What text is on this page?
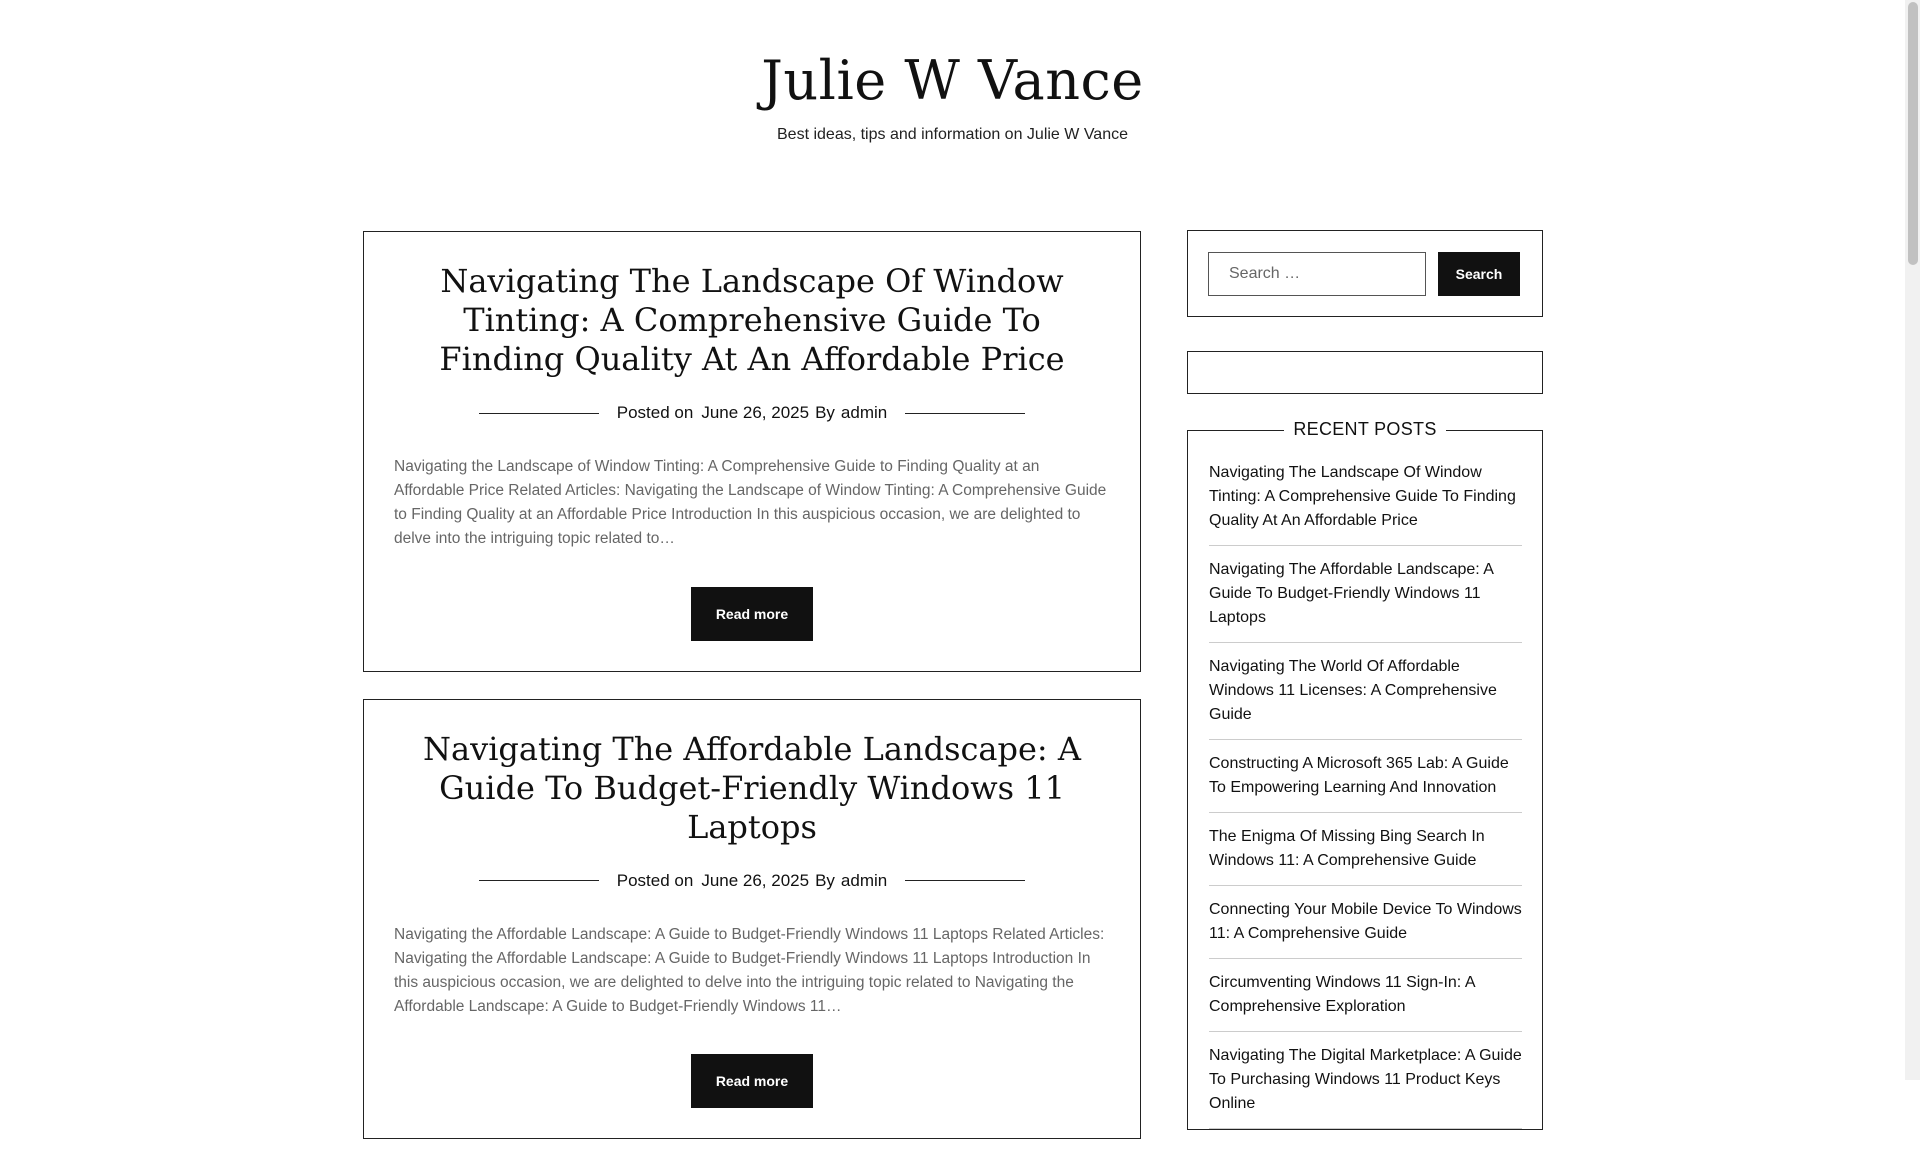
Julie W Vance
Best ideas, tips and information on Julie W Vance
Navigating The Landscape Of Window Tinting: A Comprehensive Guide To Finding Quality At An Affordable Price
Posted on June 26, 2025 By admin

Navigating the Landscape of Window Tinting: A Comprehensive Guide to Finding Quality at an Affordable Price Related Articles: Navigating the Landscape of Window Tinting: A Comprehensive Guide to Finding Quality at an Affordable Price Introduction In this auspicious occasion, we are delighted to delve into the intriguing topic related to…

Read more
Navigating The Affordable Landscape: A Guide To Budget-Friendly Windows 11 Laptops
Posted on June 26, 2025 By admin

Navigating the Affordable Landscape: A Guide to Budget-Friendly Windows 11 Laptops Related Articles: Navigating the Affordable Landscape: A Guide to Budget-Friendly Windows 11 Laptops Introduction In this auspicious occasion, we are delighted to delve into the intriguing topic related to Navigating the Affordable Landscape: A Guide to Budget-Friendly Windows 11…

Read more
Search …
Search
RECENT POSTS
Navigating The Landscape Of Window Tinting: A Comprehensive Guide To Finding Quality At An Affordable Price
Navigating The Affordable Landscape: A Guide To Budget-Friendly Windows 11 Laptops
Navigating The World Of Affordable Windows 11 Licenses: A Comprehensive Guide
Constructing A Microsoft 365 Lab: A Guide To Empowering Learning And Innovation
The Enigma Of Missing Bing Search In Windows 11: A Comprehensive Guide
Connecting Your Mobile Device To Windows 11: A Comprehensive Guide
Circumventing Windows 11 Sign-In: A Comprehensive Exploration
Navigating The Digital Marketplace: A Guide To Purchasing Windows 11 Product Keys Online
